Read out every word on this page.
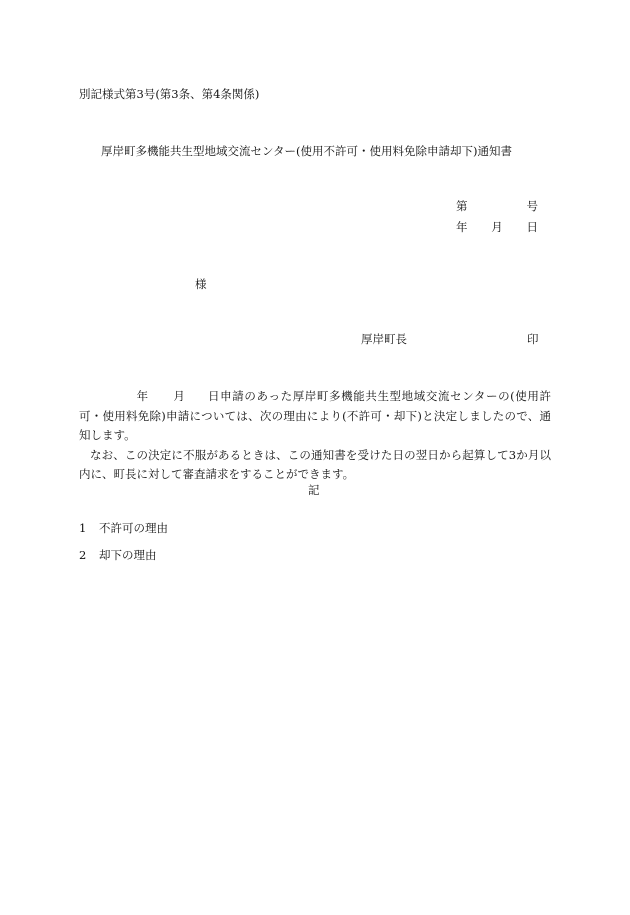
別記様式第3号(第3条、第4条関係)
厚岸町多機能共生型地域交流センター(使用不許可・使用料免除申請却下)通知書
第	号
年 月 日
様
厚岸町長	印

年 月 日申請のあった厚岸町多機能共生型地域交流センターの(使用許可・使用料免除)申請については、次の理由により(不許可・却下)と決定しましたので、通知します。

なお、この決定に不服があるときは、この通知書を受けた日の翌日から起算して3か月以内に、町長に対して審査請求をすることができます。

記
1 不許可の理由
2 却下の理由
